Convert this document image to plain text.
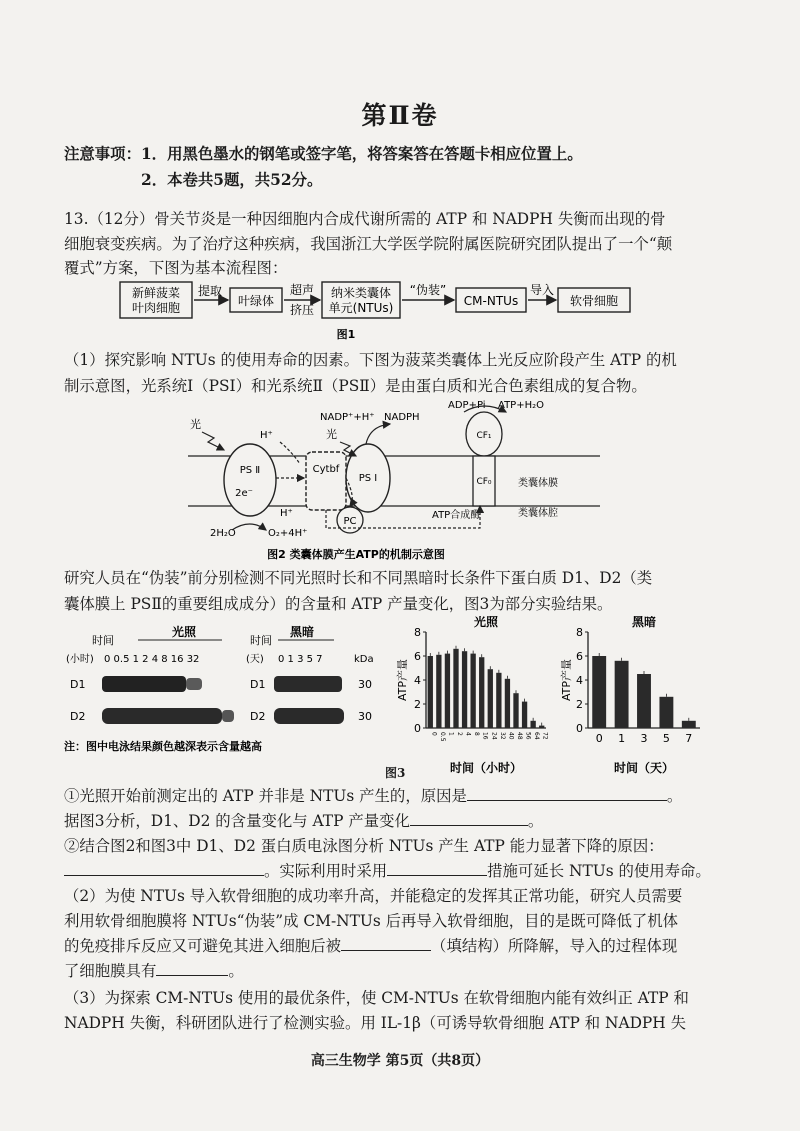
第Ⅱ卷
注意事项：1．用黑色墨水的钢笔或签字笔，将答案答在答题卡相应位置上。
2．本卷共5题，共52分。
13.（12分）骨关节炎是一种因细胞内合成代谢所需的 ATP 和 NADPH 失衡而出现的骨
细胞衰变疾病。为了治疗这种疾病，我国浙江大学医学院附属医院研究团队提出了一个“颠
覆式”方案，下图为基本流程图：
新鲜菠菜
叶肉细胞
提取
叶绿体
超声
挤压
纳米类囊体
单元(NTUs)
“伪装”
CM-NTUs
导入
软骨细胞
图1
（1）探究影响 NTUs 的使用寿命的因素。下图为菠菜类囊体上光反应阶段产生 ATP 的机
制示意图，光系统Ⅰ（PSⅠ）和光系统Ⅱ（PSⅡ）是由蛋白质和光合色素组成的复合物。
PS Ⅱ
2e⁻
Cytbf
PS Ⅰ
PC
CF₁
CF₀	类囊体膜
类囊体腔
ATP合成酶
ADP+Pi ATP+H₂O
NADP⁺+H⁺ NADPH
光
光
H⁺
2H₂O	O₂+4H⁺
H⁺
图2 类囊体膜产生ATP的机制示意图
研究人员在“伪装”前分别检测不同光照时长和不同黑暗时长条件下蛋白质 D1、D2（类
囊体膜上 PSⅡ的重要组成成分）的含量和 ATP 产量变化，图3为部分实验结果。
时间
光照
(小时) 0 0.5 1 2 4 8 16 32
D1
D2
时间
黑暗
(天) 0 1 3 5 7	kDa
D1	30
D2	30
注：图中电泳结果颜色越深表示含量越高
光照
0
2
4
6
8
ATP产量
0 0.5 1 2 4 8 16 24 32 40 48 56 64 72
时间（小时）
黑暗
0
2
4
6
8
ATP产量
0 1 3 5 7
时间（天）
图3
①光照开始前测定出的 ATP 并非是 NTUs 产生的，原因是	。
据图3分析，D1、D2 的含量变化与 ATP 产量变化	。
②结合图2和图3中 D1、D2 蛋白质电泳图分析 NTUs 产生 ATP 能力显著下降的原因：
。实际利用时采用	措施可延长 NTUs 的使用寿命。
（2）为使 NTUs 导入软骨细胞的成功率升高，并能稳定的发挥其正常功能，研究人员需要
利用软骨细胞膜将 NTUs“伪装”成 CM-NTUs 后再导入软骨细胞，目的是既可降低了机体
的免疫排斥反应又可避免其进入细胞后被	（填结构）所降解，导入的过程体现
了细胞膜具有	。
（3）为探索 CM-NTUs 使用的最优条件，使 CM-NTUs 在软骨细胞内能有效纠正 ATP 和
NADPH 失衡，科研团队进行了检测实验。用 IL-1β（可诱导软骨细胞 ATP 和 NADPH 失
高三生物学 第5页（共8页）
